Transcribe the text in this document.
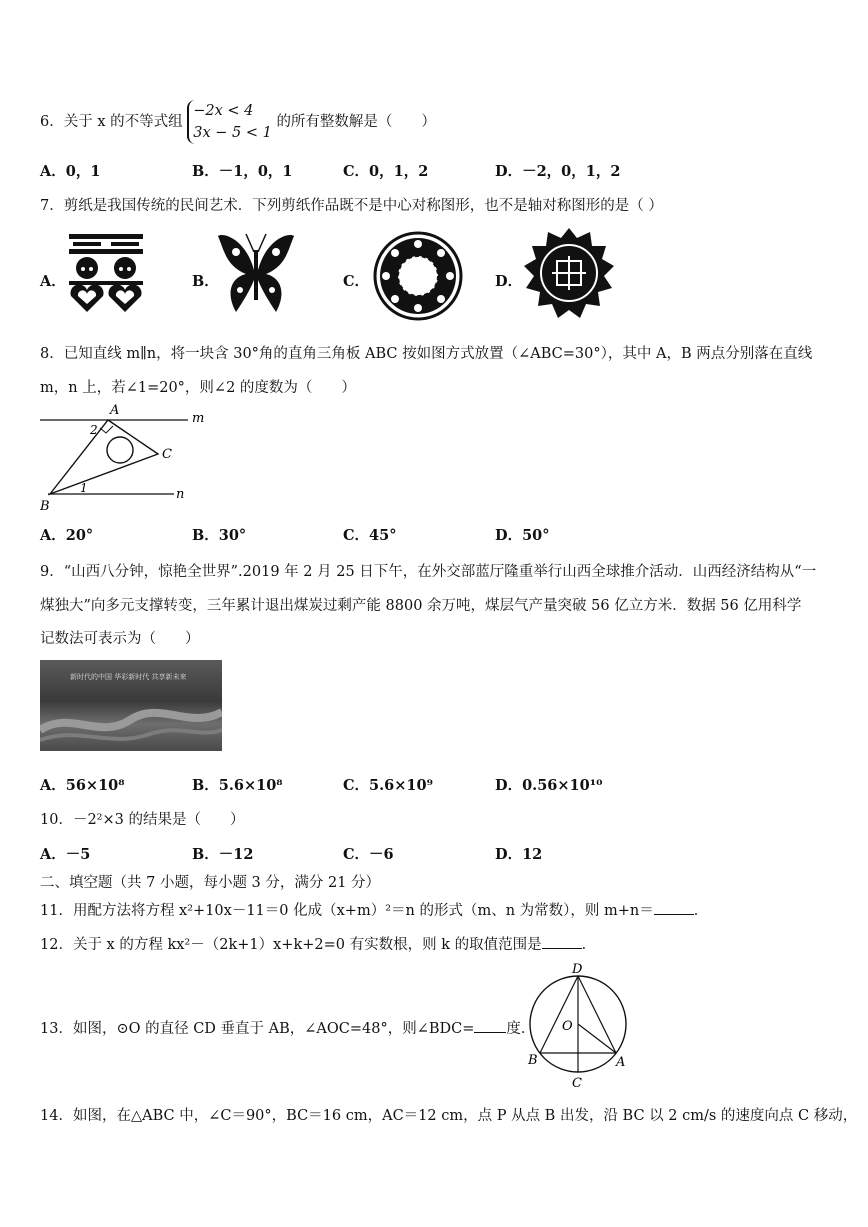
6．关于 x 的不等式组
−2x < 4
3x − 5 < 1
的所有整数解是（　　）
A．0，1	B．－1，0，1	C．0，1，2	D．－2，0，1，2
7．剪纸是我国传统的民间艺术．下列剪纸作品既不是中心对称图形，也不是轴对称图形的是（ ）
A．	B．	C．	D．
8．已知直线 m∥n，将一块含 30°角的直角三角板 ABC 按如图方式放置（∠ABC=30°），其中 A，B 两点分别落在直线
m，n 上，若∠1=20°，则∠2 的度数为（　　）
A
B
C
m
n
1
2
A．20°	B．30°	C．45°	D．50°
9．“山西八分钟，惊艳全世界”.2019 年 2 月 25 日下午，在外交部蓝厅隆重举行山西全球推介活动．山西经济结构从“一
煤独大”向多元支撑转变，三年累计退出煤炭过剩产能 8800 余万吨，煤层气产量突破 56 亿立方米．数据 56 亿用科学
记数法可表示为（　　）
新时代的中国 华彩新时代 共享新未来
A．56×10⁸	B．5.6×10⁸	C．5.6×10⁹	D．0.56×10¹⁰
10．－2²×3 的结果是（　　）
A．－5	B．－12	C．－6	D．12
二、填空题（共 7 小题，每小题 3 分，满分 21 分）
11．用配方法将方程 x²+10x－11＝0 化成（x+m）²＝n 的形式（m、n 为常数），则 m+n＝	．
12．关于 x 的方程 kx²－（2k+1）x+k+2=0 有实数根，则 k 的取值范围是	．
13．如图，⊙O 的直径 CD 垂直于 AB，∠AOC=48°，则∠BDC= 度．
D
O
B	A
C
14．如图，在△ABC 中，∠C＝90°，BC＝16 cm，AC＝12 cm，点 P 从点 B 出发，沿 BC 以 2 cm/s 的速度向点 C 移动，
